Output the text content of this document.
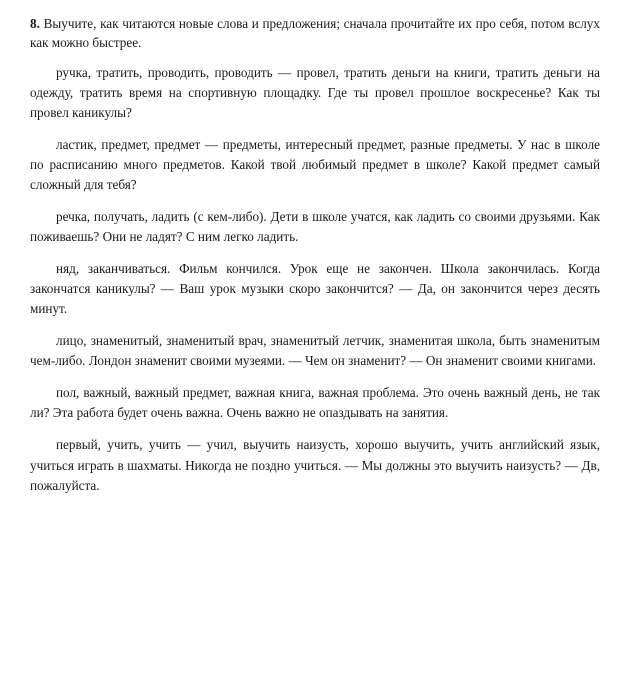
8. Выучите, как читаются новые слова и предложения; сначала прочитайте их про себя, потом вслух как можно быстрее.

ручка, тратить, проводить, проводить — провел, тратить деньги на книги, тратить деньги на одежду, тратить время на спортивную площадку. Где ты провел прошлое воскресенье? Как ты провел каникулы?

ластик, предмет, предмет — предметы, интересный предмет, разные предметы. У нас в школе по расписанию много предметов. Какой твой любимый предмет в школе? Какой предмет самый сложный для тебя?

речка, получать, ладить (с кем-либо). Дети в школе учатся, как ладить со своими друзьями. Как поживаешь? Они не ладят? С ним легко ладить.

няд, заканчиваться. Фильм кончился. Урок еще не закончен. Школа закончилась. Когда закончатся каникулы? — Ваш урок музыки скоро закончится? — Да, он закончится через десять минут.

лицо, знаменитый, знаменитый врач, знаменитый летчик, знаменитая школа, быть знаменитым чем-либо. Лондон знаменит своими музеями. — Чем он знаменит? — Он знаменит своими книгами.

пол, важный, важный предмет, важная книга, важная проблема. Это очень важный день, не так ли? Эта работа будет очень важна. Очень важно не опаздывать на занятия.

первый, учить, учить — учил, выучить наизусть, хорошо выучить, учить английский язык, учиться играть в шахматы. Никогда не поздно учиться. — Мы должны это выучить наизусть? — Дв, пожалуйста.
